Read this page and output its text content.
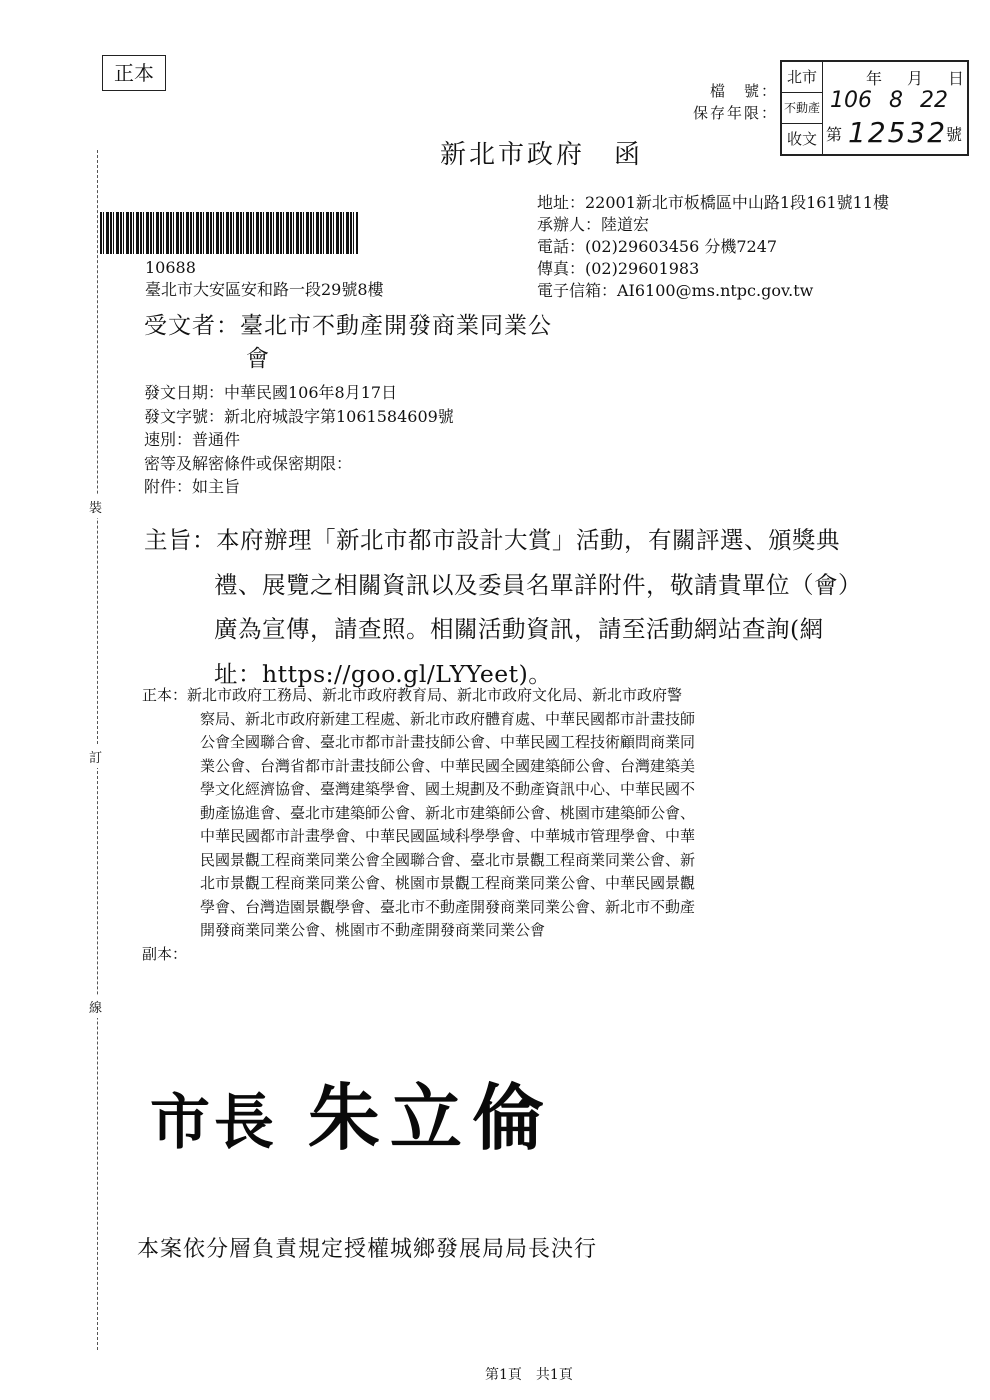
正本
檔　號：
保存年限：
北市
不動產
收文
年 月 日
106 8 22
第 12532
號
新北市政府　函
裝
訂
線
地址：22001新北市板橋區中山路1段161號11樓
承辦人：陸道宏
電話：(02)29603456 分機7247
傳真：(02)29601983
電子信箱：AI6100@ms.ntpc.gov.tw
10688
臺北市大安區安和路一段29號8樓
受文者：臺北市不動產開發商業同業公
會
發文日期：中華民國106年8月17日
發文字號：新北府城設字第1061584609號
速別：普通件
密等及解密條件或保密期限：
附件：如主旨
主旨：本府辦理「新北市都市設計大賞」活動，有關評選、頒獎典
禮、展覽之相關資訊以及委員名單詳附件，敬請貴單位（會）
廣為宣傳，請查照。相關活動資訊，請至活動網站查詢(網
址：https://goo.gl/LYYeet)。
正本：新北市政府工務局、新北市政府教育局、新北市政府文化局、新北市政府警
察局、新北市政府新建工程處、新北市政府體育處、中華民國都市計畫技師
公會全國聯合會、臺北市都市計畫技師公會、中華民國工程技術顧問商業同
業公會、台灣省都市計畫技師公會、中華民國全國建築師公會、台灣建築美
學文化經濟協會、臺灣建築學會、國土規劃及不動產資訊中心、中華民國不
動產協進會、臺北市建築師公會、新北市建築師公會、桃園市建築師公會、
中華民國都市計畫學會、中華民國區域科學學會、中華城市管理學會、中華
民國景觀工程商業同業公會全國聯合會、臺北市景觀工程商業同業公會、新
北市景觀工程商業同業公會、桃園市景觀工程商業同業公會、中華民國景觀
學會、台灣造園景觀學會、臺北市不動產開發商業同業公會、新北市不動產
開發商業同業公會、桃園市不動產開發商業同業公會
副本：
市長 朱立倫
本案依分層負責規定授權城鄉發展局局長決行
第1頁　共1頁
